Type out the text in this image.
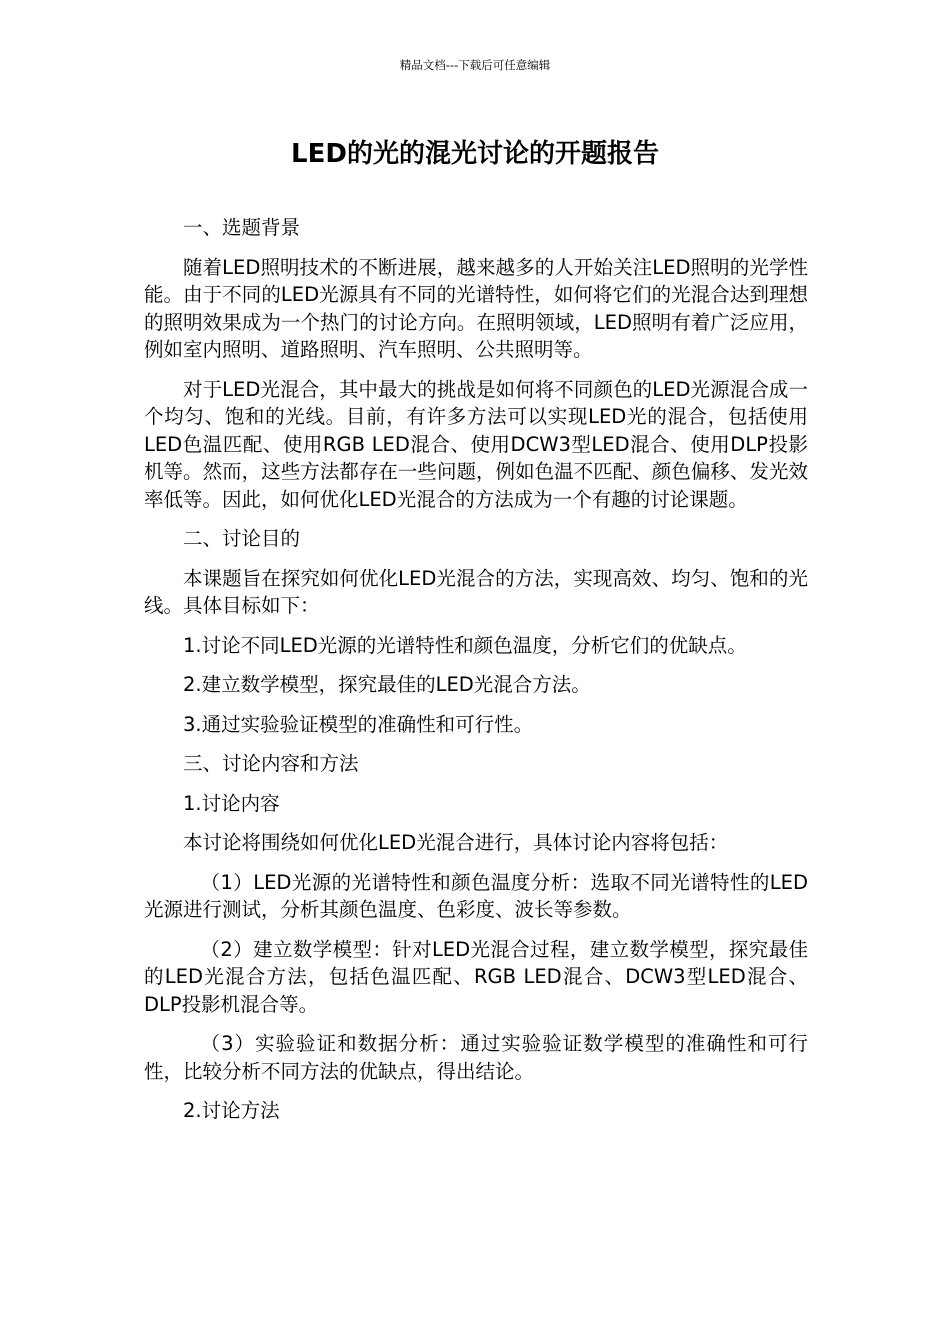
精品文档---下载后可任意编辑
LED的光的混光讨论的开题报告

一、选题背景

随着LED照明技术的不断进展，越来越多的人开始关注LED照明的光学性能。由于不同的LED光源具有不同的光谱特性，如何将它们的光混合达到理想的照明效果成为一个热门的讨论方向。在照明领域，LED照明有着广泛应用，例如室内照明、道路照明、汽车照明、公共照明等。

对于LED光混合，其中最大的挑战是如何将不同颜色的LED光源混合成一个均匀、饱和的光线。目前，有许多方法可以实现LED光的混合，包括使用LED色温匹配、使用RGB LED混合、使用DCW3型LED混合、使用DLP投影机等。然而，这些方法都存在一些问题，例如色温不匹配、颜色偏移、发光效率低等。因此，如何优化LED光混合的方法成为一个有趣的讨论课题。

二、讨论目的

本课题旨在探究如何优化LED光混合的方法，实现高效、均匀、饱和的光线。具体目标如下：

1.讨论不同LED光源的光谱特性和颜色温度，分析它们的优缺点。

2.建立数学模型，探究最佳的LED光混合方法。

3.通过实验验证模型的准确性和可行性。

三、讨论内容和方法

1.讨论内容

本讨论将围绕如何优化LED光混合进行，具体讨论内容将包括：

（1）LED光源的光谱特性和颜色温度分析：选取不同光谱特性的LED光源进行测试，分析其颜色温度、色彩度、波长等参数。

（2）建立数学模型：针对LED光混合过程，建立数学模型，探究最佳的LED光混合方法，包括色温匹配、RGB LED混合、DCW3型LED混合、DLP投影机混合等。

（3）实验验证和数据分析：通过实验验证数学模型的准确性和可行性，比较分析不同方法的优缺点，得出结论。

2.讨论方法
